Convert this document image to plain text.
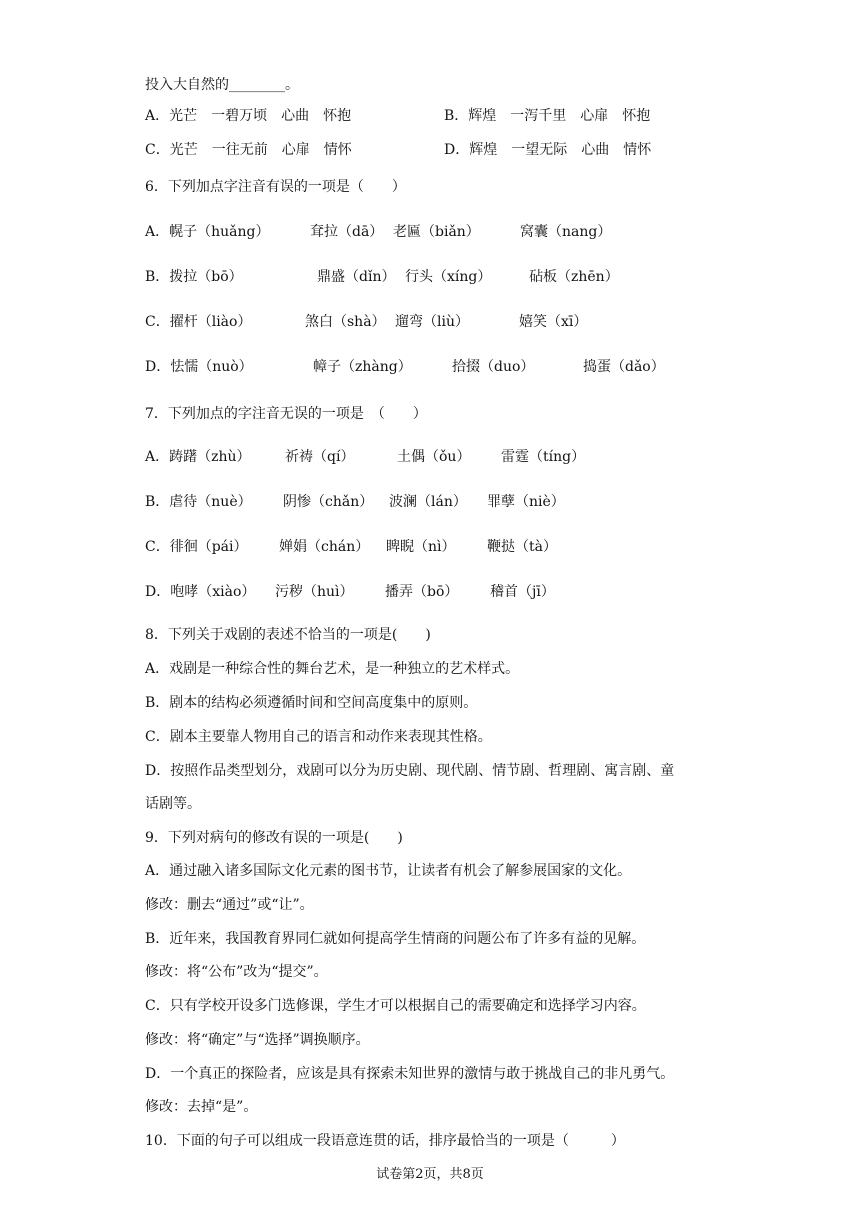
投入大自然的________。
A．光芒　一碧万顷　心曲　怀抱	B．辉煌　一泻千里　心扉　怀抱
C．光芒　一往无前　心扉　情怀	D．辉煌　一望无际　心曲　情怀
6．下列加点字注音有误的一项是（　　）
A．幌子（huǎng）	耷拉（dā） 老匾（biǎn）	窝囊（nang）
B．拨拉（bō）	鼎盛（dǐn） 行头（xíng）	砧板（zhēn）
C．擢杆（liào）	煞白（shà） 遛弯（liù）	嬉笑（xī）
D．怯懦（nuò）	幛子（zhàng）	拾掇（duo）	捣蛋（dǎo）
7．下列加点的字注音无误的一项是　（　　）
A．踌躇（zhù） 祈祷（qí）	土偶（ǒu） 雷霆（tíng）
B．虐待（nuè） 阴惨（chǎn） 波澜（lán） 罪孽（niè）
C．徘徊（pái） 婵娟（chán） 睥睨（nì） 鞭挞（tà）
D．咆哮（xiào） 污秽（huì） 播弄（bō） 稽首（jī）
8．下列关于戏剧的表述不恰当的一项是(　　)
A．戏剧是一种综合性的舞台艺术，是一种独立的艺术样式。
B．剧本的结构必须遵循时间和空间高度集中的原则。
C．剧本主要靠人物用自己的语言和动作来表现其性格。
D．按照作品类型划分，戏剧可以分为历史剧、现代剧、情节剧、哲理剧、寓言剧、童
话剧等。
9．下列对病句的修改有误的一项是(　　)
A．通过融入诸多国际文化元素的图书节，让读者有机会了解参展国家的文化。
修改：删去“通过”或“让”。
B．近年来，我国教育界同仁就如何提高学生情商的问题公布了许多有益的见解。
修改：将“公布”改为“提交”。
C．只有学校开设多门选修课，学生才可以根据自己的需要确定和选择学习内容。
修改：将“确定”与“选择”调换顺序。
D．一个真正的探险者，应该是具有探索未知世界的激情与敢于挑战自己的非凡勇气。
修改：去掉“是”。
10．下面的句子可以组成一段语意连贯的话，排序最恰当的一项是（　　　）
试卷第2页，共8页
